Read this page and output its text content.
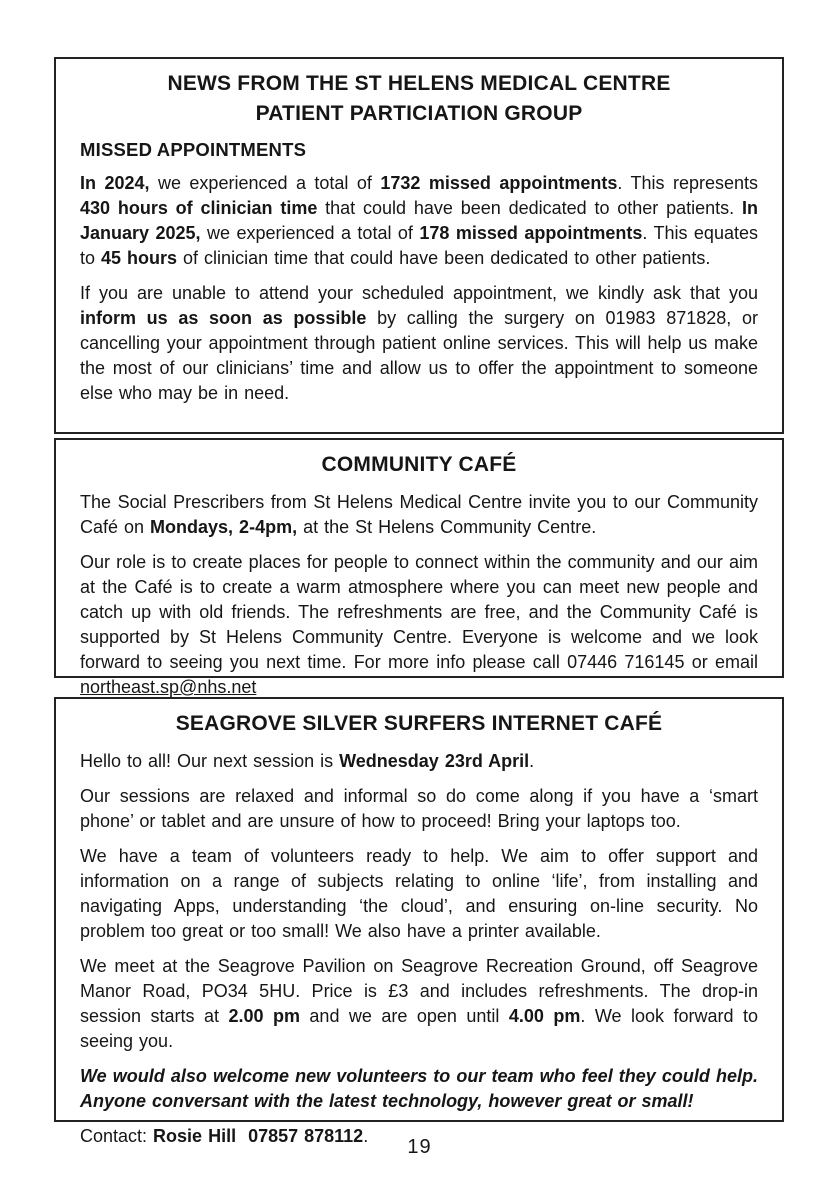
NEWS FROM THE ST HELENS MEDICAL CENTRE
PATIENT PARTICIATION GROUP
MISSED APPOINTMENTS

In 2024, we experienced a total of 1732 missed appointments. This represents 430 hours of clinician time that could have been dedicated to other patients. In January 2025, we experienced a total of 178 missed appointments. This equates to 45 hours of clinician time that could have been dedicated to other patients.

If you are unable to attend your scheduled appointment, we kindly ask that you inform us as soon as possible by calling the surgery on 01983 871828, or cancelling your appointment through patient online services. This will help us make the most of our clinicians’ time and allow us to offer the appointment to someone else who may be in need.

COMMUNITY CAFÉ

The Social Prescribers from St Helens Medical Centre invite you to our Community Café on Mondays, 2-4pm, at the St Helens Community Centre.

Our role is to create places for people to connect within the community and our aim at the Café is to create a warm atmosphere where you can meet new people and catch up with old friends. The refreshments are free, and the Community Café is supported by St Helens Community Centre. Everyone is welcome and we look forward to seeing you next time. For more info please call 07446 716145 or email northeast.sp@nhs.net

SEAGROVE SILVER SURFERS INTERNET CAFÉ

Hello to all! Our next session is Wednesday 23rd April.

Our sessions are relaxed and informal so do come along if you have a ‘smart phone’ or tablet and are unsure of how to proceed! Bring your laptops too.

We have a team of volunteers ready to help. We aim to offer support and information on a range of subjects relating to online ‘life’, from installing and navigating Apps, understanding ‘the cloud’, and ensuring on-line security. No problem too great or too small! We also have a printer available.

We meet at the Seagrove Pavilion on Seagrove Recreation Ground, off Seagrove Manor Road, PO34 5HU. Price is £3 and includes refreshments. The drop-in session starts at 2.00 pm and we are open until 4.00 pm. We look forward to seeing you.

We would also welcome new volunteers to our team who feel they could help. Anyone conversant with the latest technology, however great or small!

Contact: Rosie Hill  07857 878112.	19
